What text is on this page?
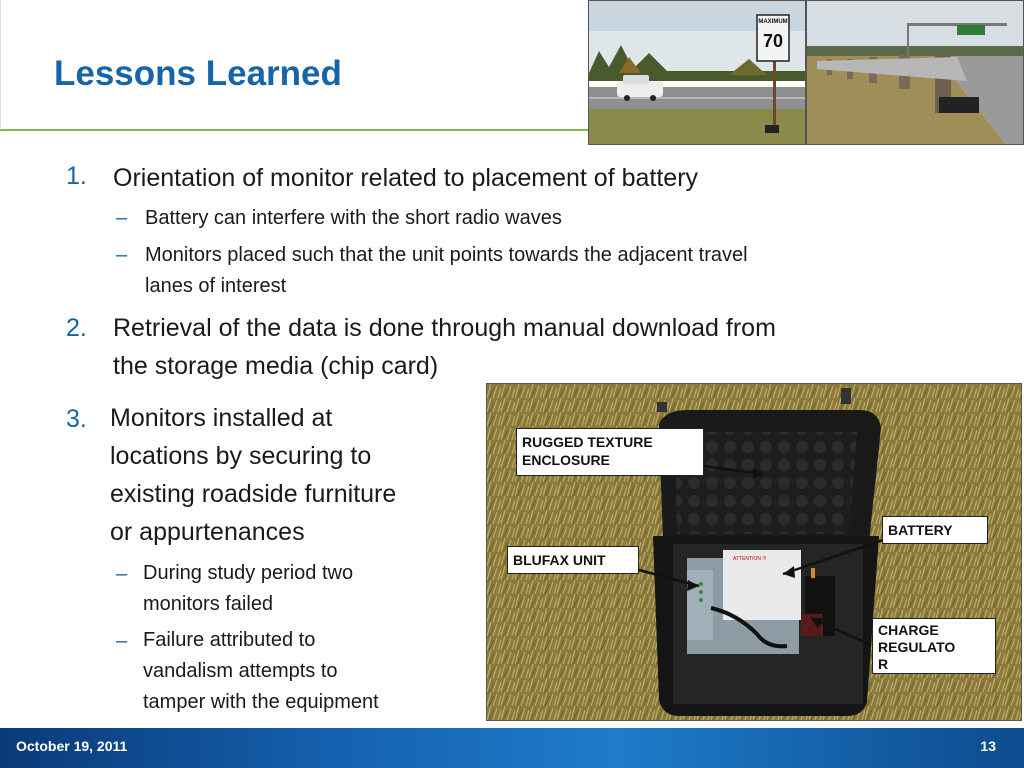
Lessons Learned
MAXIMUM
70
1. Orientation of monitor related to placement of battery
– Battery can interfere with the short radio waves
– Monitors placed such that the unit points towards the adjacent travel
lanes of interest
2. Retrieval of the data is done through manual download from
the storage media (chip card)
3. Monitors installed at
locations by securing to
existing roadside furniture
or appurtenances
– During study period two
monitors failed
– Failure attributed to
vandalism attempts to
tamper with the equipment
ATTENTION !!!
RUGGED TEXTURE
ENCLOSURE
BATTERY
BLUFAX UNIT
CHARGE
REGULATO
R
October 19, 2011	13
